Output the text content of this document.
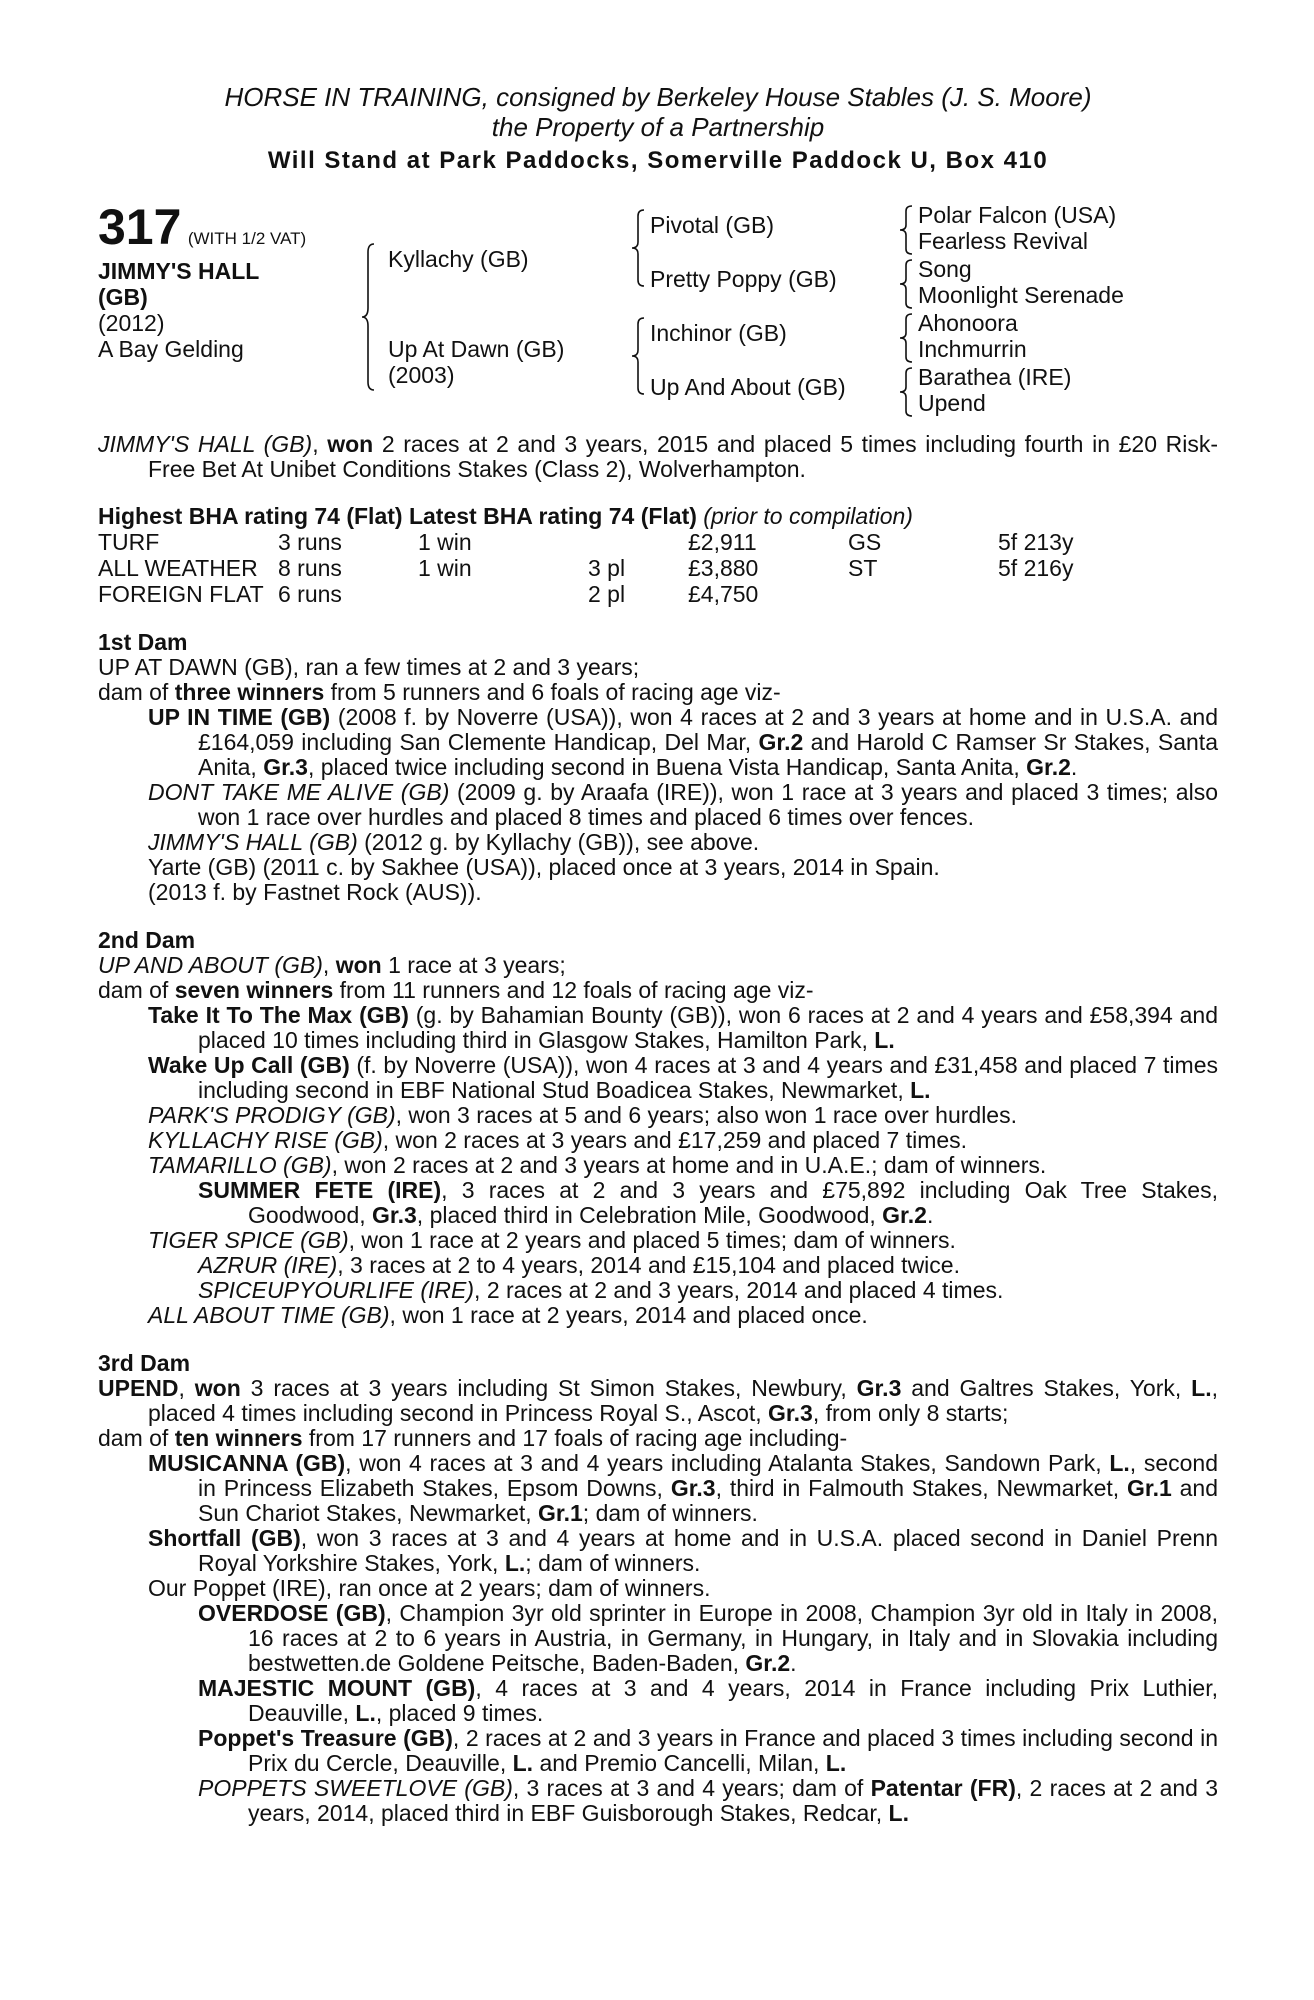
HORSE IN TRAINING, consigned by Berkeley House Stables (J. S. Moore)
the Property of a Partnership
Will Stand at Park Paddocks, Somerville Paddock U, Box 410
317 (WITH 1/2 VAT)
JIMMY'S HALL
(GB)
(2012)
A Bay Gelding
Kyllachy (GB)
Up At Dawn (GB)
(2003)
Pivotal (GB)
Pretty Poppy (GB)
Inchinor (GB)
Up And About (GB)
Polar Falcon (USA)
Fearless Revival
Song
Moonlight Serenade
Ahonoora
Inchmurrin
Barathea (IRE)
Upend

JIMMY'S HALL (GB), won 2 races at 2 and 3 years, 2015 and placed 5 times including fourth in £20 Risk-Free Bet At Unibet Conditions Stakes (Class 2), Wolverhampton.

Highest BHA rating 74 (Flat) Latest BHA rating 74 (Flat) (prior to compilation)
TURF	3 runs	1 win		£2,911	GS	5f 213y
ALL WEATHER	8 runs	1 win	3 pl	£3,880	ST	5f 216y
FOREIGN FLAT	6 runs		2 pl	£4,750		
1st Dam

UP AT DAWN (GB), ran a few times at 2 and 3 years;

dam of three winners from 5 runners and 6 foals of racing age viz-

UP IN TIME (GB) (2008 f. by Noverre (USA)), won 4 races at 2 and 3 years at home and in U.S.A. and £164,059 including San Clemente Handicap, Del Mar, Gr.2 and Harold C Ramser Sr Stakes, Santa Anita, Gr.3, placed twice including second in Buena Vista Handicap, Santa Anita, Gr.2.

DONT TAKE ME ALIVE (GB) (2009 g. by Araafa (IRE)), won 1 race at 3 years and placed 3 times; also won 1 race over hurdles and placed 8 times and placed 6 times over fences.

JIMMY'S HALL (GB) (2012 g. by Kyllachy (GB)), see above.

Yarte (GB) (2011 c. by Sakhee (USA)), placed once at 3 years, 2014 in Spain.

(2013 f. by Fastnet Rock (AUS)).

2nd Dam

UP AND ABOUT (GB), won 1 race at 3 years;

dam of seven winners from 11 runners and 12 foals of racing age viz-

Take It To The Max (GB) (g. by Bahamian Bounty (GB)), won 6 races at 2 and 4 years and £58,394 and placed 10 times including third in Glasgow Stakes, Hamilton Park, L.

Wake Up Call (GB) (f. by Noverre (USA)), won 4 races at 3 and 4 years and £31,458 and placed 7 times including second in EBF National Stud Boadicea Stakes, Newmarket, L.

PARK'S PRODIGY (GB), won 3 races at 5 and 6 years; also won 1 race over hurdles.

KYLLACHY RISE (GB), won 2 races at 3 years and £17,259 and placed 7 times.

TAMARILLO (GB), won 2 races at 2 and 3 years at home and in U.A.E.; dam of winners.

SUMMER FETE (IRE), 3 races at 2 and 3 years and £75,892 including Oak Tree Stakes, Goodwood, Gr.3, placed third in Celebration Mile, Goodwood, Gr.2.

TIGER SPICE (GB), won 1 race at 2 years and placed 5 times; dam of winners.

AZRUR (IRE), 3 races at 2 to 4 years, 2014 and £15,104 and placed twice.

SPICEUPYOURLIFE (IRE), 2 races at 2 and 3 years, 2014 and placed 4 times.

ALL ABOUT TIME (GB), won 1 race at 2 years, 2014 and placed once.

3rd Dam

UPEND, won 3 races at 3 years including St Simon Stakes, Newbury, Gr.3 and Galtres Stakes, York, L., placed 4 times including second in Princess Royal S., Ascot, Gr.3, from only 8 starts;

dam of ten winners from 17 runners and 17 foals of racing age including-

MUSICANNA (GB), won 4 races at 3 and 4 years including Atalanta Stakes, Sandown Park, L., second in Princess Elizabeth Stakes, Epsom Downs, Gr.3, third in Falmouth Stakes, Newmarket, Gr.1 and Sun Chariot Stakes, Newmarket, Gr.1; dam of winners.

Shortfall (GB), won 3 races at 3 and 4 years at home and in U.S.A. placed second in Daniel Prenn Royal Yorkshire Stakes, York, L.; dam of winners.

Our Poppet (IRE), ran once at 2 years; dam of winners.

OVERDOSE (GB), Champion 3yr old sprinter in Europe in 2008, Champion 3yr old in Italy in 2008, 16 races at 2 to 6 years in Austria, in Germany, in Hungary, in Italy and in Slovakia including bestwetten.de Goldene Peitsche, Baden-Baden, Gr.2.

MAJESTIC MOUNT (GB), 4 races at 3 and 4 years, 2014 in France including Prix Luthier, Deauville, L., placed 9 times.

Poppet's Treasure (GB), 2 races at 2 and 3 years in France and placed 3 times including second in Prix du Cercle, Deauville, L. and Premio Cancelli, Milan, L.

POPPETS SWEETLOVE (GB), 3 races at 3 and 4 years; dam of Patentar (FR), 2 races at 2 and 3 years, 2014, placed third in EBF Guisborough Stakes, Redcar, L.
